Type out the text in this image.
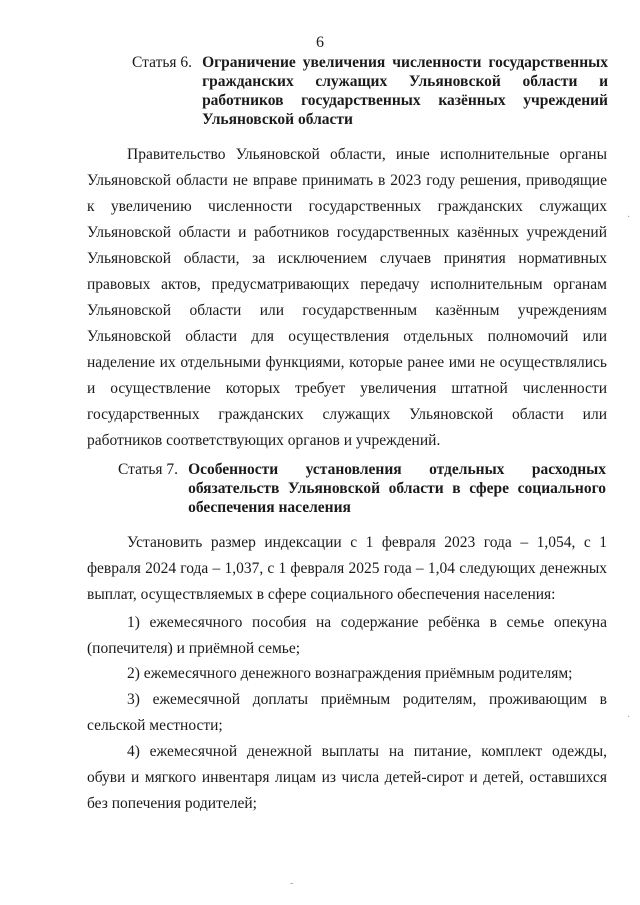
6
Статья 6. Ограничение увеличения численности государственных гражданских служащих Ульяновской области и работников государственных казённых учреждений Ульяновской области

Правительство Ульяновской области, иные исполнительные органы Ульяновской области не вправе принимать в 2023 году решения, приводящие к увеличению численности государственных гражданских служащих Ульяновской области и работников государственных казённых учреждений Ульяновской области, за исключением случаев принятия нормативных правовых актов, предусматривающих передачу исполнительным органам Ульяновской области или государственным казённым учреждениям Ульяновской области для осуществления отдельных полномочий или наделение их отдельными функциями, которые ранее ими не осуществлялись и осуществление которых требует увеличения штатной численности государственных гражданских служащих Ульяновской области или работников соответствующих органов и учреждений.

Статья 7. Особенности установления отдельных расходных обязательств Ульяновской области в сфере социального обеспечения населения

Установить размер индексации с 1 февраля 2023 года – 1,054, с 1 февраля 2024 года – 1,037, с 1 февраля 2025 года – 1,04 следующих денежных выплат, осуществляемых в сфере социального обеспечения населения:

1) ежемесячного пособия на содержание ребёнка в семье опекуна (попечителя) и приёмной семье;

2) ежемесячного денежного вознаграждения приёмным родителям;

3) ежемесячной доплаты приёмным родителям, проживающим в сельской местности;

4) ежемесячной денежной выплаты на питание, комплект одежды, обуви и мягкого инвентаря лицам из числа детей-сирот и детей, оставшихся без попечения родителей;

·
·
-
